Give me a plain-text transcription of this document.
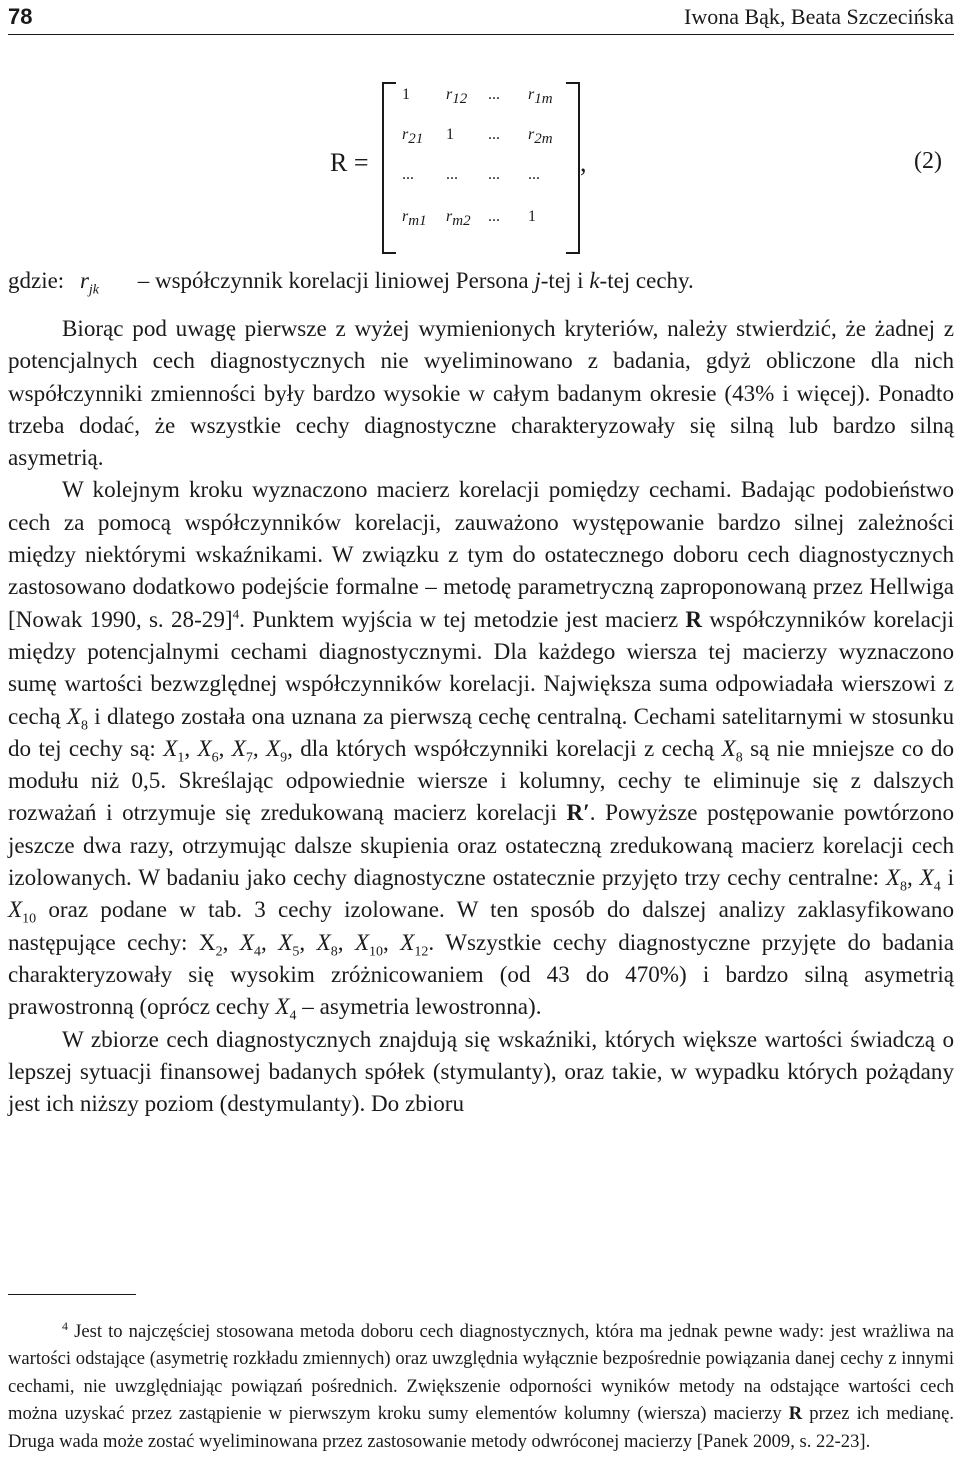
78	Iwona Bąk, Beata Szczecińska
R =
1 $r_{12}$ ... $r_{1m}$
$r_{21}$ 1 ... $r_{2m}$
... ... ... ...
$r_{m1}$ $r_{m2}$ ... 1
,	(2)
gdzie: $r_{jk}$ – współczynnik korelacji liniowej Persona j-tej i k-tej cechy.

Biorąc pod uwagę pierwsze z wyżej wymienionych kryteriów, należy stwierdzić, że żadnej z potencjalnych cech diagnostycznych nie wyeliminowano z badania, gdyż obliczone dla nich współczynniki zmienności były bardzo wysokie w całym badanym okresie (43% i więcej). Ponadto trzeba dodać, że wszystkie cechy diagnostyczne charakteryzowały się silną lub bardzo silną asymetrią.

W kolejnym kroku wyznaczono macierz korelacji pomiędzy cechami. Badając podobieństwo cech za pomocą współczynników korelacji, zauważono występowanie bardzo silnej zależności między niektórymi wskaźnikami. W związku z tym do ostatecznego doboru cech diagnostycznych zastosowano dodatkowo podejście formalne – metodę parametryczną zaproponowaną przez Hellwiga [Nowak 1990, s. 28-29]$^4$. Punktem wyjścia w tej metodzie jest macierz R współczynników korelacji między potencjalnymi cechami diagnostycznymi. Dla każdego wiersza tej macierzy wyznaczono sumę wartości bezwzględnej współczynników korelacji. Największa suma odpowiadała wierszowi z cechą $X_8$ i dlatego została ona uznana za pierwszą cechę centralną. Cechami satelitarnymi w stosunku do tej cechy są: $X_1$, $X_6$, $X_7$, $X_9$, dla których współczynniki korelacji z cechą $X_8$ są nie mniejsze co do modułu niż 0,5. Skreślając odpowiednie wiersze i kolumny, cechy te eliminuje się z dalszych rozważań i otrzymuje się zredukowaną macierz korelacji R′. Powyższe postępowanie powtórzono jeszcze dwa razy, otrzymując dalsze skupienia oraz ostateczną zredukowaną macierz korelacji cech izolowanych. W badaniu jako cechy diagnostyczne ostatecznie przyjęto trzy cechy centralne: $X_8$, $X_4$ i $X_{10}$ oraz podane w tab. 3 cechy izolowane. W ten sposób do dalszej analizy zaklasyfikowano następujące cechy: $X_2$, $X_4$, $X_5$, $X_8$, $X_{10}$, $X_{12}$. Wszystkie cechy diagnostyczne przyjęte do badania charakteryzowały się wysokim zróżnicowaniem (od 43 do 470%) i bardzo silną asymetrią prawostronną (oprócz cechy $X_4$ – asymetria lewostronna).

W zbiorze cech diagnostycznych znajdują się wskaźniki, których większe wartości świadczą o lepszej sytuacji finansowej badanych spółek (stymulanty), oraz takie, w wypadku których pożądany jest ich niższy poziom (destymulanty). Do zbioru

$^4$ Jest to najczęściej stosowana metoda doboru cech diagnostycznych, która ma jednak pewne wady: jest wrażliwa na wartości odstające (asymetrię rozkładu zmiennych) oraz uwzględnia wyłącznie bezpośrednie powiązania danej cechy z innymi cechami, nie uwzględniając powiązań pośrednich. Zwiększenie odporności wyników metody na odstające wartości cech można uzyskać przez zastąpienie w pierwszym kroku sumy elementów kolumny (wiersza) macierzy R przez ich medianę. Druga wada może zostać wyeliminowana przez zastosowanie metody odwróconej macierzy [Panek 2009, s. 22-23].
